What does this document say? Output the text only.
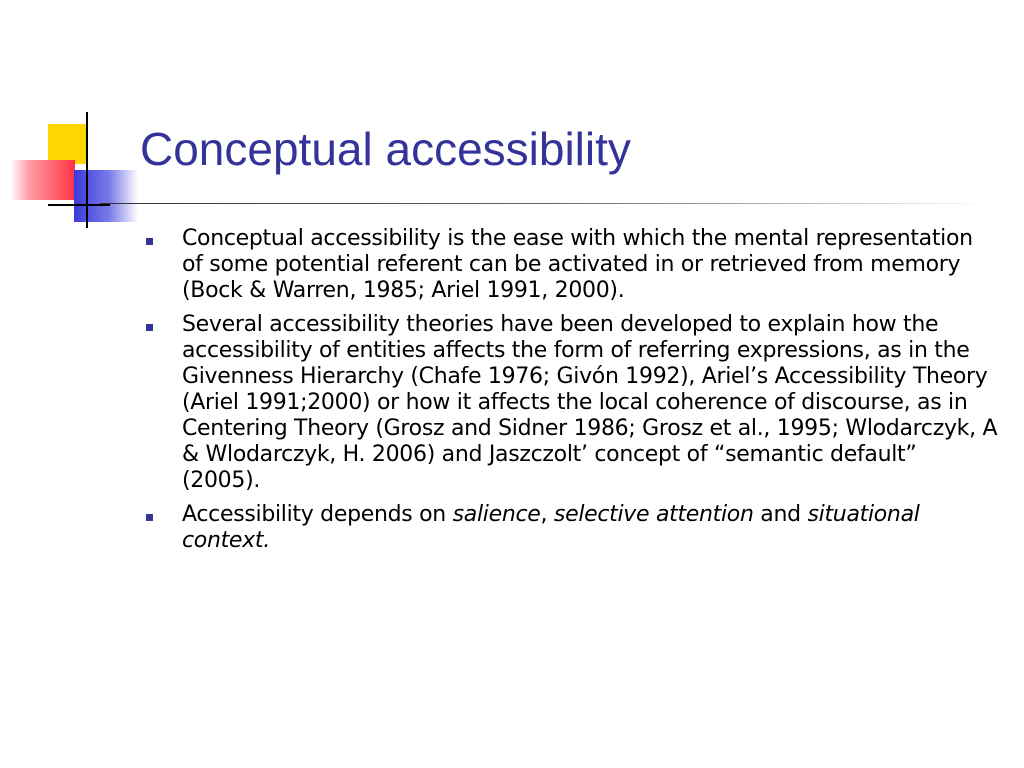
Conceptual accessibility
Conceptual accessibility is the ease with which the mental representation of some potential referent can be activated in or retrieved from memory (Bock & Warren, 1985; Ariel 1991, 2000).
Several accessibility theories have been developed to explain how the accessibility of entities affects the form of referring expressions, as in the Givenness Hierarchy (Chafe 1976; Givón 1992), Ariel’s Accessibility Theory (Ariel 1991;2000) or how it affects the local coherence of discourse, as in Centering Theory (Grosz and Sidner 1986; Grosz et al., 1995; Wlodarczyk, A & Wlodarczyk, H. 2006) and Jaszczolt’ concept of “semantic default” (2005).
Accessibility depends on salience, selective attention and situational context.
